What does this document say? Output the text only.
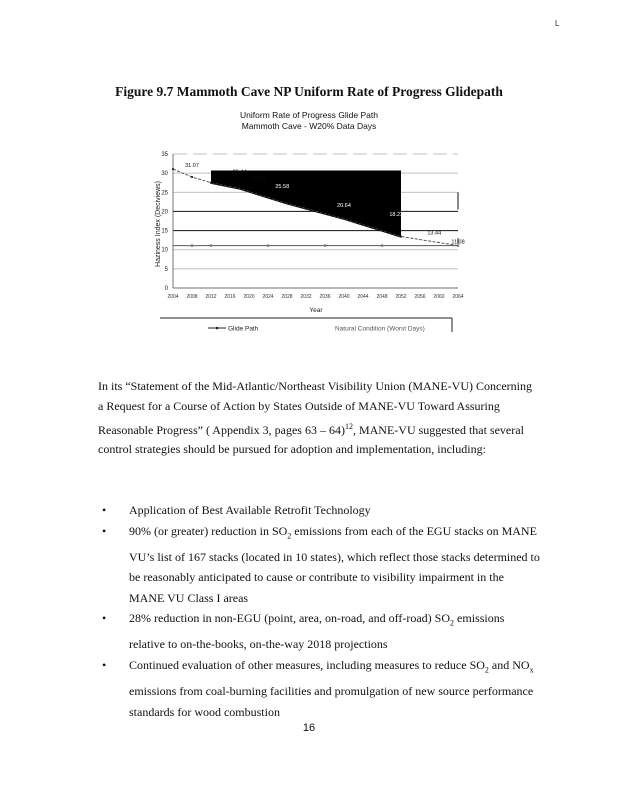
L
Figure 9.7 Mammoth Cave NP Uniform Rate of Progress Glidepath
Uniform Rate of Progress Glide Path
Mammoth Cave - W20% Data Days
31.07
29.44
27.52
25.58
20.64
18.23
13.44
11.08
0
5
10
15
20
25
30
35
2004 2008 2012 2016 2020 2024 2028 2032 2036 2040 2044 2048 2052 2056 2060 2064
Haziness Index (Deciviews)
Year
Glide Path	Natural Condition (Worst Days)

In its “Statement of the Mid-Atlantic/Northeast Visibility Union (MANE-VU) Concerning a Request for a Course of Action by States Outside of MANE-VU Toward Assuring Reasonable Progress” ( Appendix 3, pages 63 – 64)$^{12}$, MANE-VU suggested that several control strategies should be pursued for adoption and implementation, including:

• Application of Best Available Retrofit Technology
• 90% (or greater) reduction in $SO_2$ emissions from each of the EGU stacks on MANE VU’s list of 167 stacks (located in 10 states), which reflect those stacks determined to be reasonably anticipated to cause or contribute to visibility impairment in the MANE VU Class I areas
• 28% reduction in non-EGU (point, area, on-road, and off-road) $SO_2$ emissions relative to on-the-books, on-the-way 2018 projections
• Continued evaluation of other measures, including measures to reduce $SO_2$ and $NO_x$ emissions from coal-burning facilities and promulgation of new source performance standards for wood combustion
16
